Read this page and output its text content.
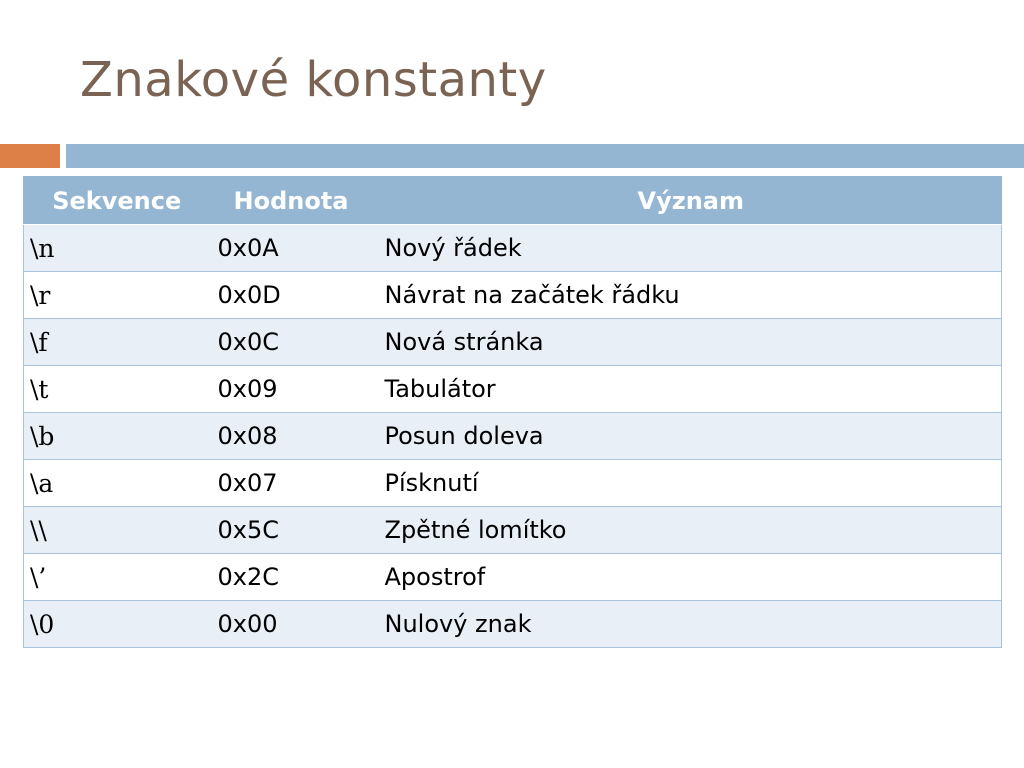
Znakové konstanty
Sekvence	Hodnota	Význam
\n	0x0A	Nový řádek
\r	0x0D	Návrat na začátek řádku
\f	0x0C	Nová stránka
\t	0x09	Tabulátor
\b	0x08	Posun doleva
\a	0x07	Písknutí
\\	0x5C	Zpětné lomítko
\’	0x2C	Apostrof
\0	0x00	Nulový znak
